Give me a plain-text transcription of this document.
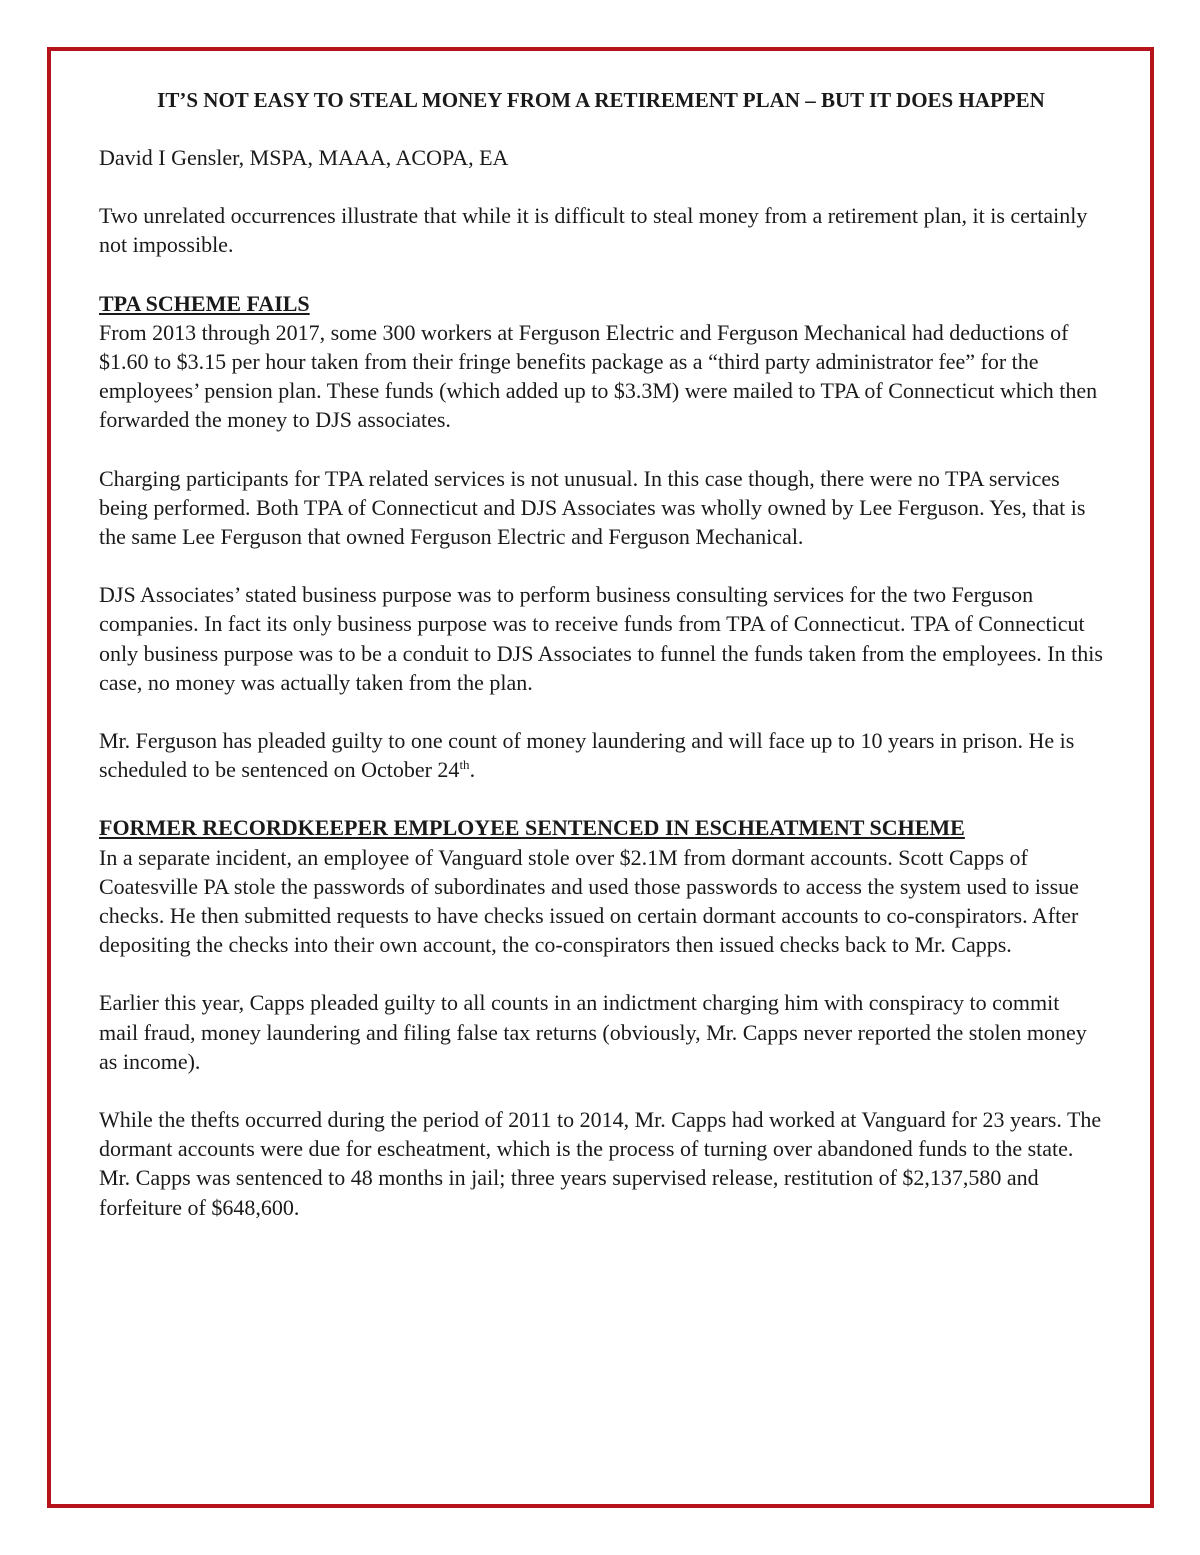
IT’S NOT EASY TO STEAL MONEY FROM A RETIREMENT PLAN – BUT IT DOES HAPPEN
David I Gensler, MSPA, MAAA, ACOPA, EA

Two unrelated occurrences illustrate that while it is difficult to steal money from a retirement plan, it is certainly not impossible.

TPA SCHEME FAILS

From 2013 through 2017, some 300 workers at Ferguson Electric and Ferguson Mechanical had deductions of $1.60 to $3.15 per hour taken from their fringe benefits package as a “third party administrator fee” for the employees’ pension plan. These funds (which added up to $3.3M) were mailed to TPA of Connecticut which then forwarded the money to DJS associates.

Charging participants for TPA related services is not unusual. In this case though, there were no TPA services being performed. Both TPA of Connecticut and DJS Associates was wholly owned by Lee Ferguson. Yes, that is the same Lee Ferguson that owned Ferguson Electric and Ferguson Mechanical.

DJS Associates’ stated business purpose was to perform business consulting services for the two Ferguson companies. In fact its only business purpose was to receive funds from TPA of Connecticut. TPA of Connecticut only business purpose was to be a conduit to DJS Associates to funnel the funds taken from the employees. In this case, no money was actually taken from the plan.

Mr. Ferguson has pleaded guilty to one count of money laundering and will face up to 10 years in prison. He is scheduled to be sentenced on October 24th.

FORMER RECORDKEEPER EMPLOYEE SENTENCED IN ESCHEATMENT SCHEME

In a separate incident, an employee of Vanguard stole over $2.1M from dormant accounts. Scott Capps of Coatesville PA stole the passwords of subordinates and used those passwords to access the system used to issue checks. He then submitted requests to have checks issued on certain dormant accounts to co-conspirators. After depositing the checks into their own account, the co-conspirators then issued checks back to Mr. Capps.

Earlier this year, Capps pleaded guilty to all counts in an indictment charging him with conspiracy to commit mail fraud, money laundering and filing false tax returns (obviously, Mr. Capps never reported the stolen money as income).

While the thefts occurred during the period of 2011 to 2014, Mr. Capps had worked at Vanguard for 23 years. The dormant accounts were due for escheatment, which is the process of turning over abandoned funds to the state. Mr. Capps was sentenced to 48 months in jail; three years supervised release, restitution of $2,137,580 and forfeiture of $648,600.
